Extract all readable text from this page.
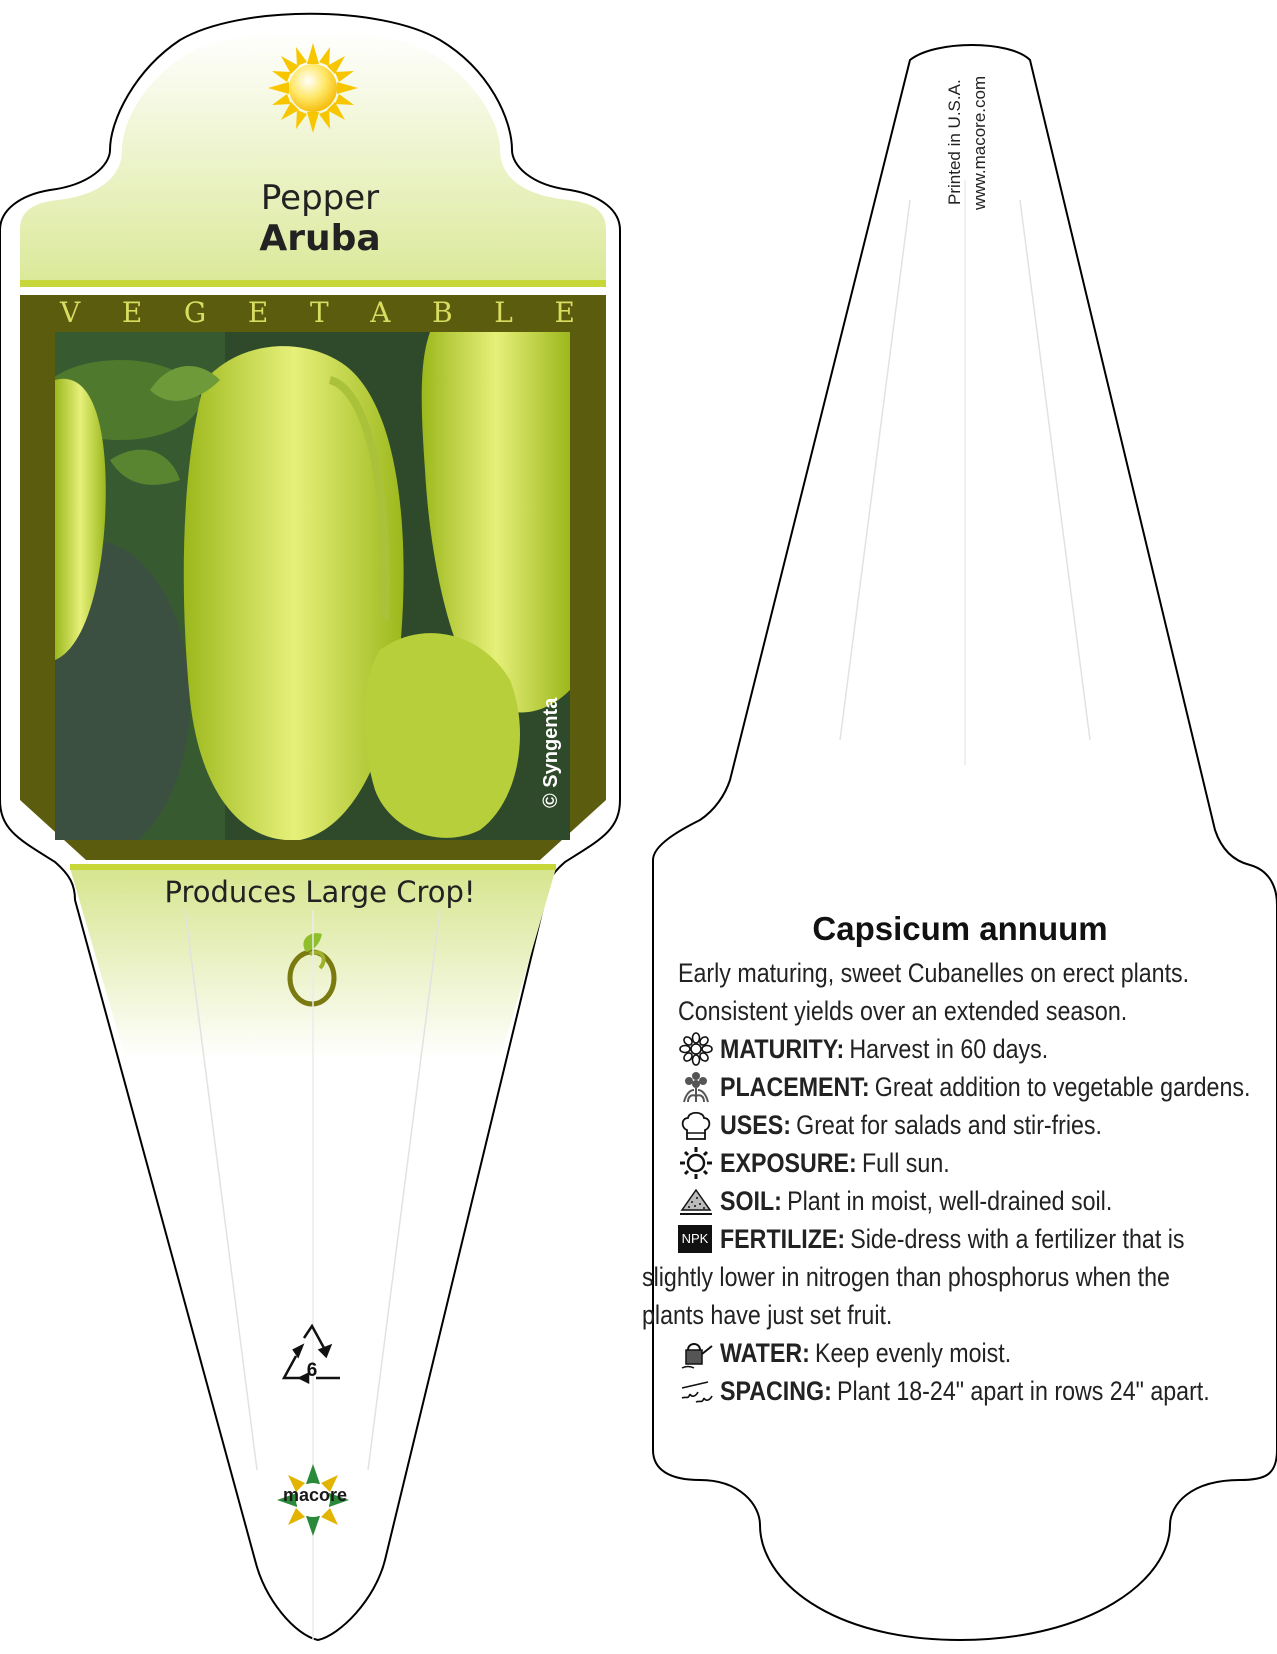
Pepper
Aruba
V E G E T A B L E
© Syngenta
Produces Large Crop!
6
macore
Printed in U.S.A. www.macore.com
Capsicum annuum
Early maturing, sweet Cubanelles on erect plants.
Consistent yields over an extended season.
MATURITY: Harvest in 60 days.
PLACEMENT: Great addition to vegetable gardens.
USES: Great for salads and stir-fries.
EXPOSURE: Full sun.
SOIL: Plant in moist, well-drained soil.
NPK FERTILIZE: Side-dress with a fertilizer that is
slightly lower in nitrogen than phosphorus when the
plants have just set fruit.
WATER: Keep evenly moist.
SPACING: Plant 18-24" apart in rows 24" apart.
